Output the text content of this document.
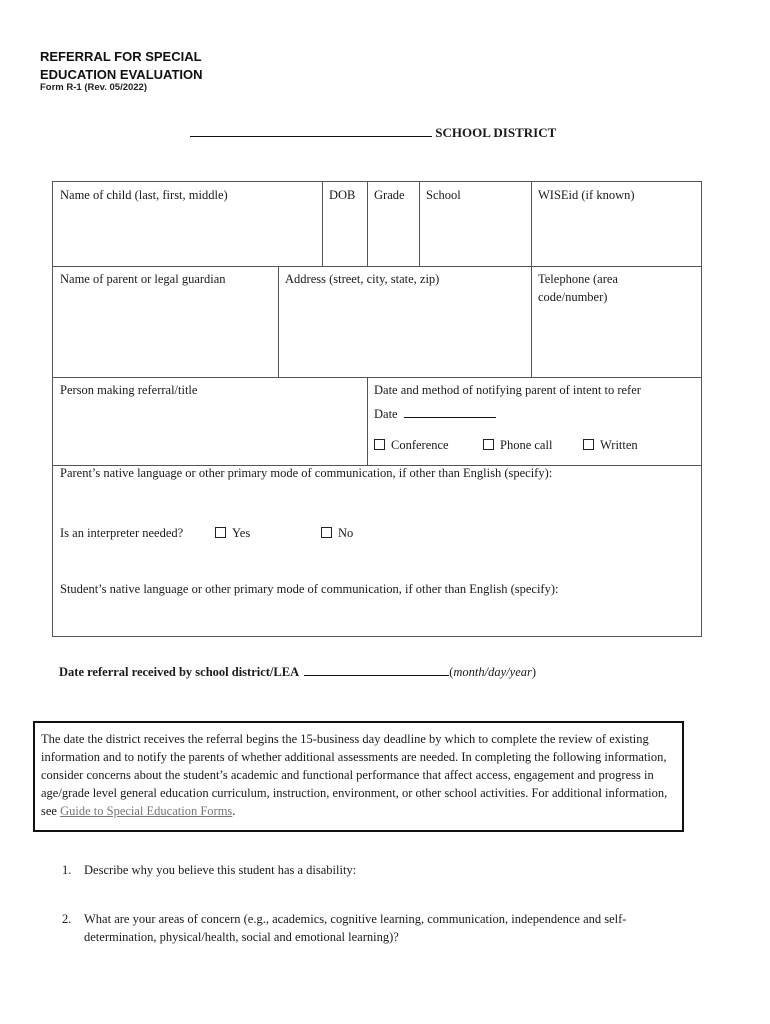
REFERRAL FOR SPECIAL
EDUCATION EVALUATION
Form R-1 (Rev. 05/2022)
SCHOOL DISTRICT
Name of child (last, first, middle)	DOB	Grade	School	WISEid (if known)
Name of parent or legal guardian	Address (street, city, state, zip)	Telephone (area code/number)
Person making referral/title	Date and method of notifying parent of intent to refer
Date
Conference	Phone call	Written
Parent’s native language or other primary mode of communication, if other than English (specify):
Is an interpreter needed?	Yes	No
Student’s native language or other primary mode of communication, if other than English (specify):
Date referral received by school district/LEA	(month/day/year)
The date the district receives the referral begins the 15-business day deadline by which to complete the review of existing information and to notify the parents of whether additional assessments are needed. In completing the following information, consider concerns about the student’s academic and functional performance that affect access, engagement and progress in age/grade level general education curriculum, instruction, environment, or other school activities. For additional information, see Guide to Special Education Forms.
1. Describe why you believe this student has a disability:
2. What are your areas of concern (e.g., academics, cognitive learning, communication, independence and self-determination, physical/health, social and emotional learning)?
